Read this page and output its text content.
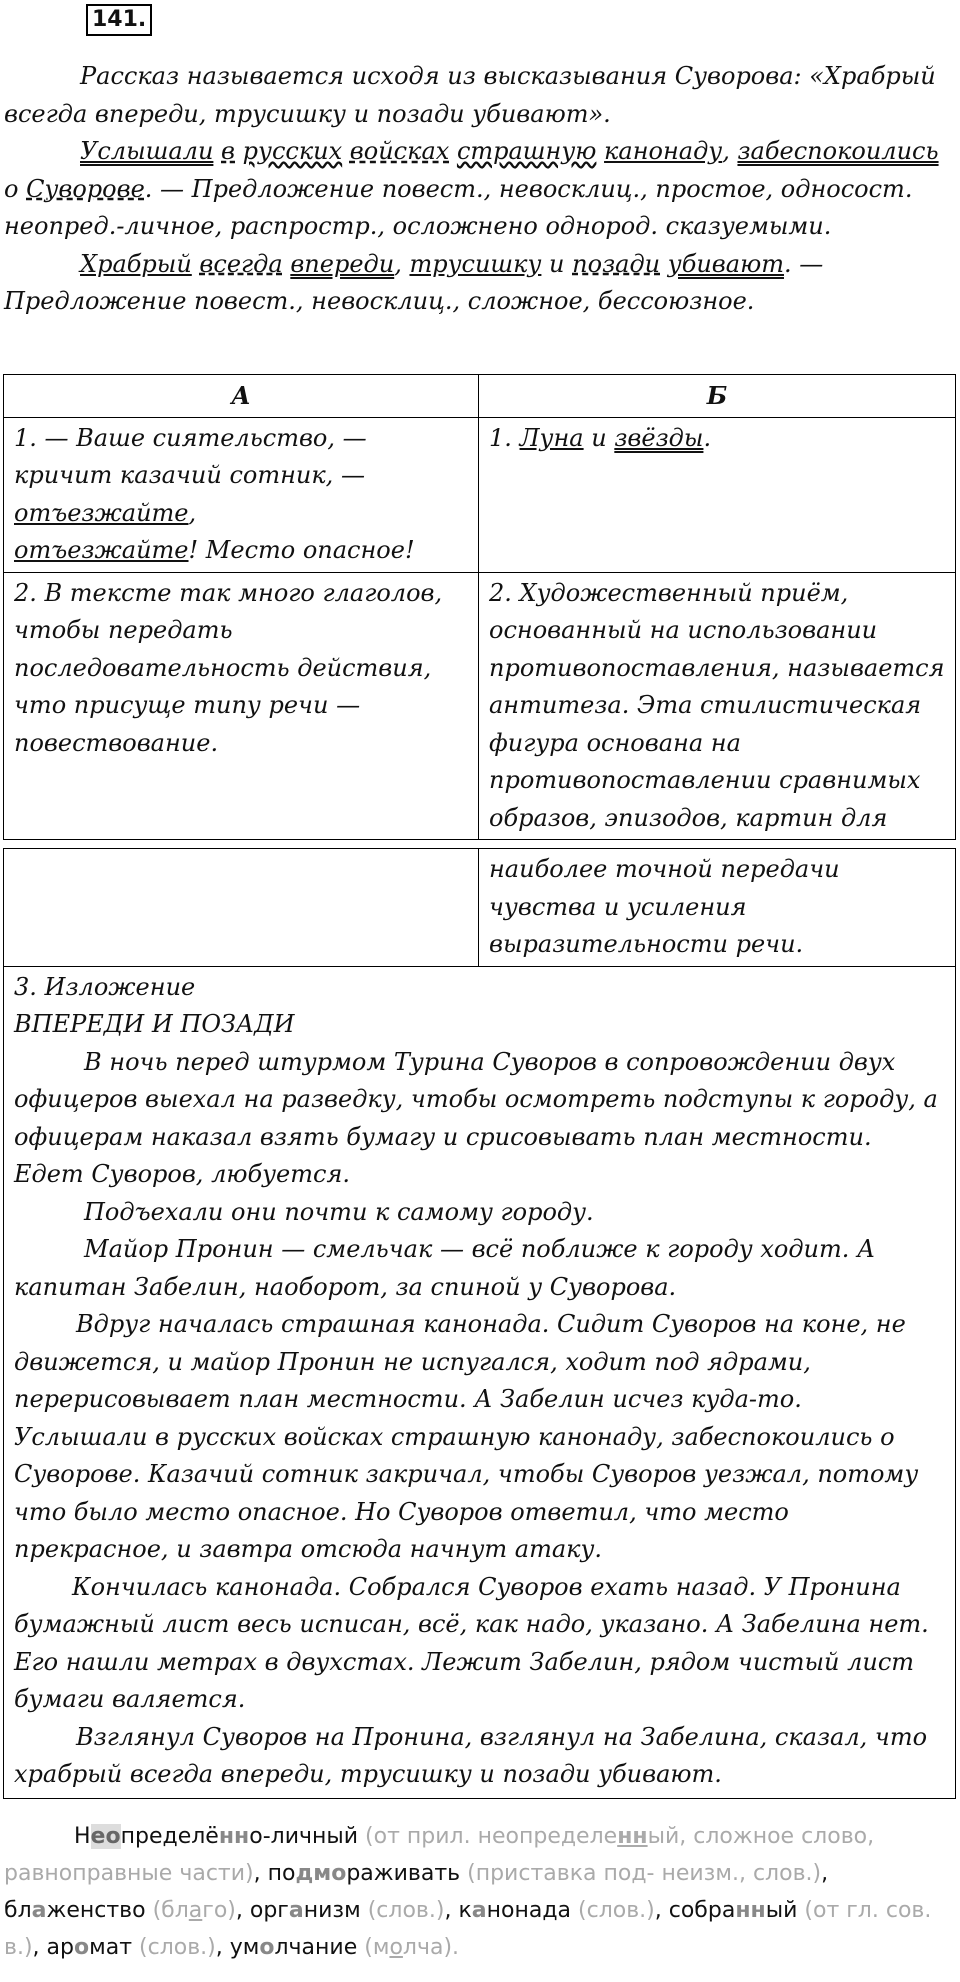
141.

Рассказ называется исходя из высказывания Суворова: «Храбрый всегда впереди, трусишку и позади убивают».

Услышали в русских войсках страшную канонаду, забеспокоились о Суворове. — Предложение повест., невосклиц., простое, односост. неопред.-личное, распростр., осложнено однород. сказуемыми.

Храбрый всегда впереди, трусишку и позади убивают. — Предложение повест., невосклиц., сложное, бессоюзное.

А	Б
1. — Ваше сиятельство, — кричит казачий сотник, — отъезжайте,
отъезжайте! Место опасное!	1. Луна и звёзды.
2. В тексте так много глаголов, чтобы передать последовательность действия, что присуще типу речи — повествование.	2. Художественный приём, основанный на использовании противопоставления, называется антитеза. Эта стилистическая фигура основана на противопоставлении сравнимых образов, эпизодов, картин для
	наиболее точной передачи чувства и усиления выразительности речи.

3. Изложение

ВПЕРЕДИ И ПОЗАДИ

В ночь перед штурмом Турина Суворов в сопровождении двух офицеров выехал на разведку, чтобы осмотреть подступы к городу, а офицерам наказал взять бумагу и срисовывать план местности. Едет Суворов, любуется.

Подъехали они почти к самому городу.

Майор Пронин — смельчак — всё поближе к городу ходит. А капитан Забелин, наоборот, за спиной у Суворова.

Вдруг началась страшная канонада. Сидит Суворов на коне, не движется, и майор Пронин не испугался, ходит под ядрами, перерисовывает план местности. А Забелин исчез куда-то.

Услышали в русских войсках страшную канонаду, забеспокоились о Суворове. Казачий сотник закричал, чтобы Суворов уезжал, потому что было место опасное. Но Суворов ответил, что место прекрасное, и завтра отсюда начнут атаку.

Кончилась канонада. Собрался Суворов ехать назад. У Пронина бумажный лист весь исписан, всё, как надо, указано. А Забелина нет. Его нашли метрах в двухстах. Лежит Забелин, рядом чистый лист бумаги валяется.

Взглянул Суворов на Пронина, взглянул на Забелина, сказал, что храбрый всегда впереди, трусишку и позади убивают.

Неопределённо-личный (от прил. неопределенный, сложное слово, равноправные части), подмораживать (приставка под- неизм., слов.), блаженство (благо), организм (слов.), канонада (слов.), собранный (от гл. сов. в.), аромат (слов.), умолчание (молча).
